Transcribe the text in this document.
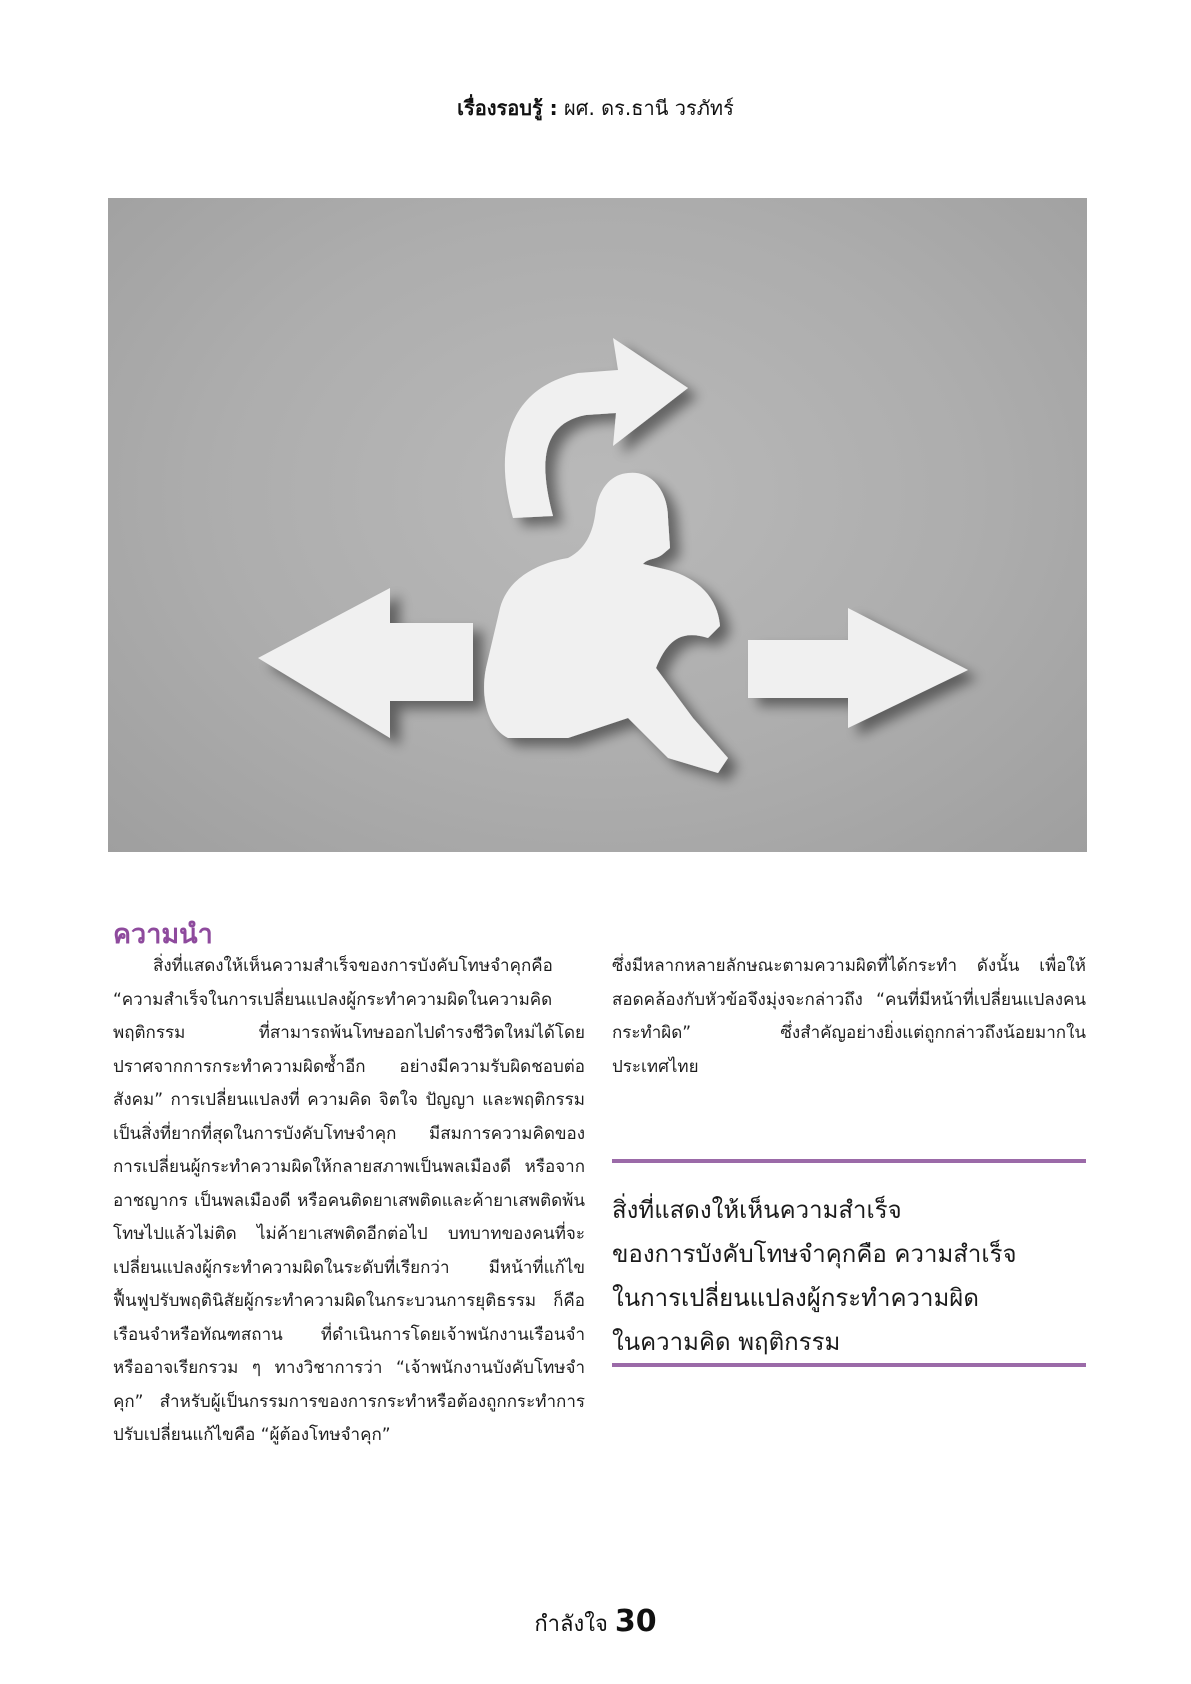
เรื่องรอบรู้ : ผศ. ดร.ธานี วรภัทร์
ความนำ

สิ่งที่แสดงให้เห็นความสำเร็จของการบังคับโทษจำคุกคือ “ความสำเร็จในการเปลี่ยนแปลงผู้กระทำความผิดในความคิด พฤติกรรม ที่สามารถพ้นโทษออกไปดำรงชีวิตใหม่ได้โดยปราศจากการกระทำความผิดซ้ำอีก อย่างมีความรับผิดชอบต่อสังคม” การเปลี่ยนแปลงที่ ความคิด จิตใจ ปัญญา และพฤติกรรม เป็นสิ่งที่ยากที่สุดในการบังคับโทษจำคุก มีสมการความคิดของการเปลี่ยนผู้กระทำความผิดให้กลายสภาพเป็นพลเมืองดี หรือจากอาชญากร เป็นพลเมืองดี หรือคนติดยาเสพติดและค้ายาเสพติดพ้นโทษไปแล้วไม่ติด ไม่ค้ายาเสพติดอีกต่อไป บทบาทของคนที่จะเปลี่ยนแปลงผู้กระทำความผิดในระดับที่เรียกว่า มีหน้าที่แก้ไขฟื้นฟูปรับพฤตินิสัยผู้กระทำความผิดในกระบวนการยุติธรรม ก็คือ เรือนจำหรือทัณฑสถาน ที่ดำเนินการโดยเจ้าพนักงานเรือนจำ หรืออาจเรียกรวม ๆ ทางวิชาการว่า “เจ้าพนักงานบังคับโทษจำคุก” สำหรับผู้เป็นกรรมการของการกระทำหรือต้องถูกกระทำการปรับเปลี่ยนแก้ไขคือ “ผู้ต้องโทษจำคุก”

ซึ่งมีหลากหลายลักษณะตามความผิดที่ได้กระทำ ดังนั้น เพื่อให้สอดคล้องกับหัวข้อจึงมุ่งจะกล่าวถึง “คนที่มีหน้าที่เปลี่ยนแปลงคนกระทำผิด” ซึ่งสำคัญอย่างยิ่งแต่ถูกกล่าวถึงน้อยมากในประเทศไทย

สิ่งที่แสดงให้เห็นความสำเร็จ
ของการบังคับโทษจำคุกคือ ความสำเร็จ
ในการเปลี่ยนแปลงผู้กระทำความผิด
ในความคิด พฤติกรรม

กำลังใจ 30
